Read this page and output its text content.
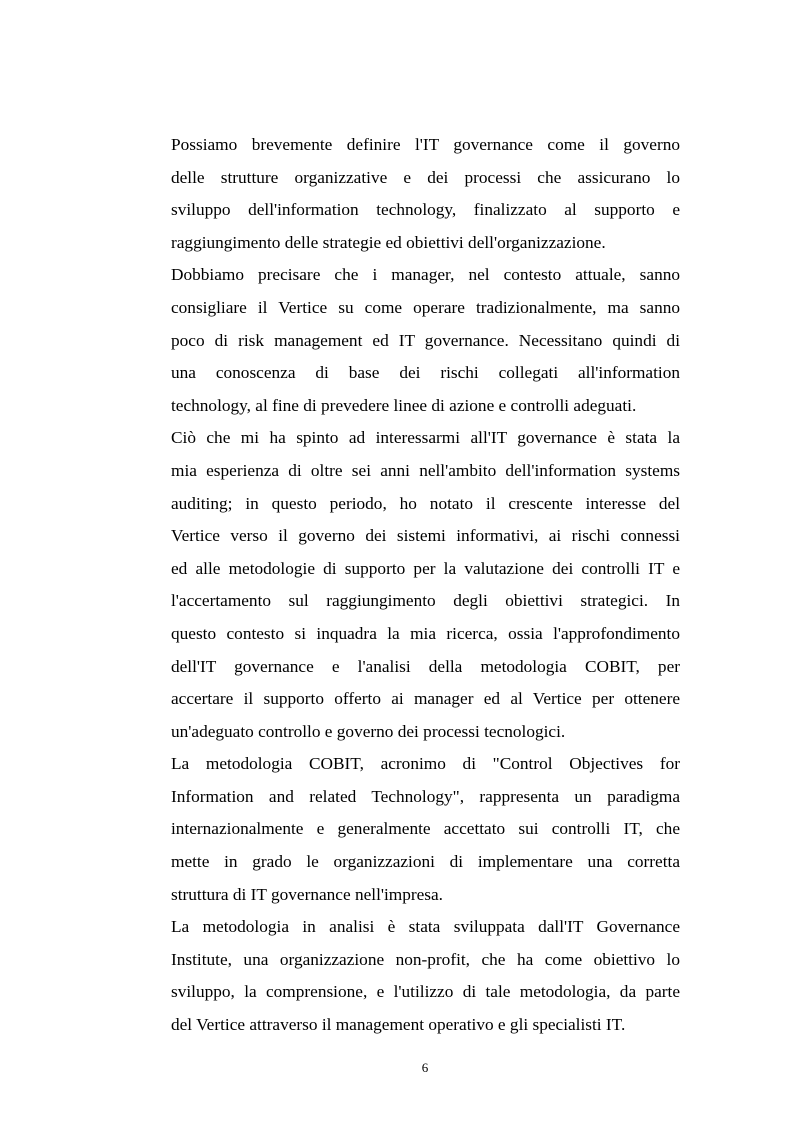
Possiamo brevemente definire l'IT governance come il governo
delle strutture organizzative e dei processi che assicurano lo
sviluppo dell'information technology, finalizzato al supporto e
raggiungimento delle strategie ed obiettivi dell'organizzazione.

Dobbiamo precisare che i manager, nel contesto attuale, sanno
consigliare il Vertice su come operare tradizionalmente, ma sanno
poco di risk management ed IT governance. Necessitano quindi di
una conoscenza di base dei rischi collegati all'information
technology, al fine di prevedere linee di azione e controlli adeguati.

Ciò che mi ha spinto ad interessarmi all'IT governance è stata la
mia esperienza di oltre sei anni nell'ambito dell'information systems
auditing; in questo periodo, ho notato il crescente interesse del
Vertice verso il governo dei sistemi informativi, ai rischi connessi
ed alle metodologie di supporto per la valutazione dei controlli IT e
l'accertamento sul raggiungimento degli obiettivi strategici. In
questo contesto si inquadra la mia ricerca, ossia l'approfondimento
dell'IT governance e l'analisi della metodologia COBIT, per
accertare il supporto offerto ai manager ed al Vertice per ottenere
un'adeguato controllo e governo dei processi tecnologici.

La metodologia COBIT, acronimo di "Control Objectives for
Information and related Technology", rappresenta un paradigma
internazionalmente e generalmente accettato sui controlli IT, che
mette in grado le organizzazioni di implementare una corretta
struttura di IT governance nell'impresa.

La metodologia in analisi è stata sviluppata dall'IT Governance
Institute, una organizzazione non-profit, che ha come obiettivo lo
sviluppo, la comprensione, e l'utilizzo di tale metodologia, da parte
del Vertice attraverso il management operativo e gli specialisti IT.

6
